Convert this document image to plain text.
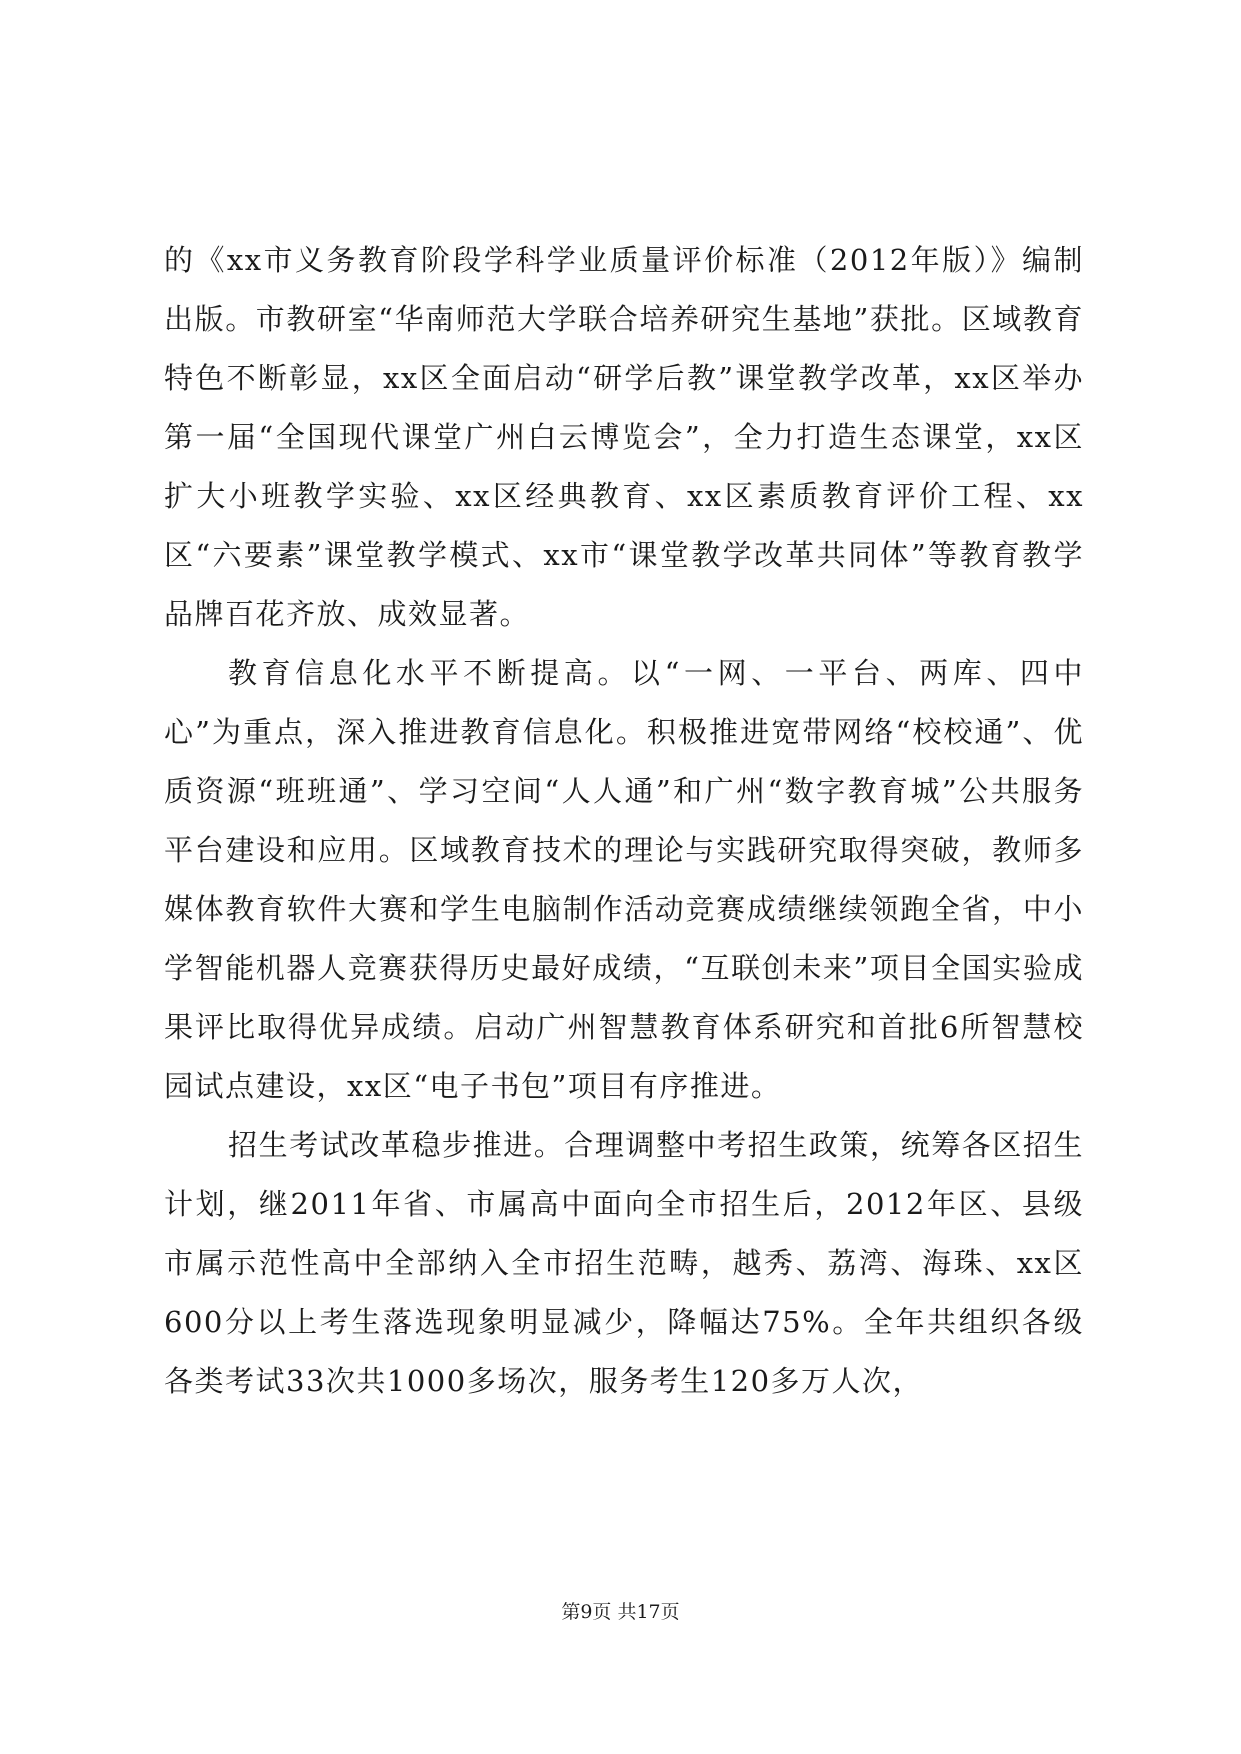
的《xx市义务教育阶段学科学业质量评价标准（2012年版）》编制出版。市教研室“华南师范大学联合培养研究生基地”获批。区域教育特色不断彰显，xx区全面启动“研学后教”课堂教学改革，xx区举办第一届“全国现代课堂广州白云博览会”，全力打造生态课堂，xx区扩大小班教学实验、xx区经典教育、xx区素质教育评价工程、xx区“六要素”课堂教学模式、xx市“课堂教学改革共同体”等教育教学品牌百花齐放、成效显著。

教育信息化水平不断提高。以“一网、一平台、两库、四中心”为重点，深入推进教育信息化。积极推进宽带网络“校校通”、优质资源“班班通”、学习空间“人人通”和广州“数字教育城”公共服务平台建设和应用。区域教育技术的理论与实践研究取得突破，教师多媒体教育软件大赛和学生电脑制作活动竞赛成绩继续领跑全省，中小学智能机器人竞赛获得历史最好成绩，“互联创未来”项目全国实验成果评比取得优异成绩。启动广州智慧教育体系研究和首批6所智慧校园试点建设，xx区“电子书包”项目有序推进。

招生考试改革稳步推进。合理调整中考招生政策，统筹各区招生计划，继2011年省、市属高中面向全市招生后，2012年区、县级市属示范性高中全部纳入全市招生范畴，越秀、荔湾、海珠、xx区600分以上考生落选现象明显减少，降幅达75%。全年共组织各级各类考试33次共1000多场次，服务考生120多万人次，

第9页 共17页
